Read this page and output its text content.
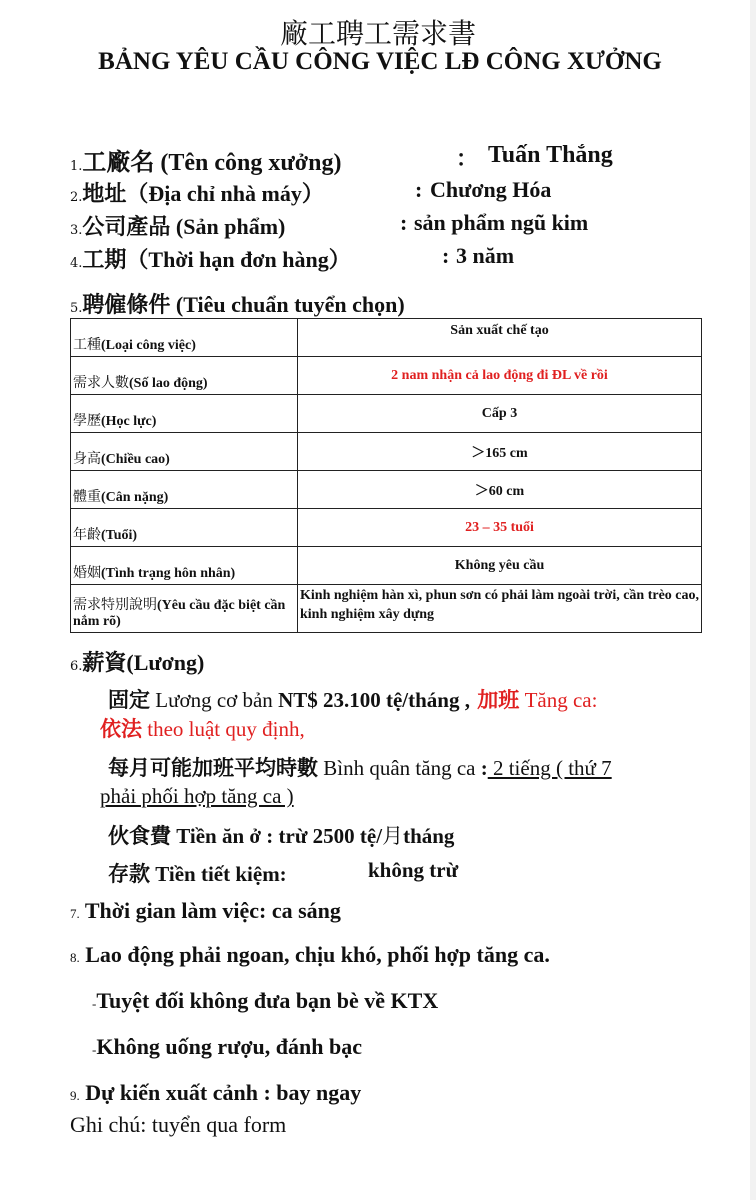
廠工聘工需求書
BẢNG YÊU CẦU CÔNG VIỆC LĐ CÔNG XƯỞNG
1.工廠名 (Tên công xưởng)	： Tuấn Thắng
2.地址（Địa chỉ nhà máy）	: Chương Hóa
3.公司產品 (Sản phẩm)	: sản phẩm ngũ kim
4.工期（Thời hạn đơn hàng）	: 3 năm
5.聘僱條件 (Tiêu chuẩn tuyển chọn)
工種(Loại công việc)	Sản xuất chế tạo
需求人數(Số lao động)	2 nam nhận cả lao động đi ĐL về rồi
學歷(Học lực)	Cấp 3
身高(Chiều cao)	＞165 cm
體重(Cân nặng)	＞60 cm
年齡(Tuổi)	23 – 35 tuổi
婚姻(Tình trạng hôn nhân)	Không yêu cầu
需求特別說明(Yêu cầu đặc biệt cần nắm rõ)	Kinh nghiệm hàn xì, phun sơn có phải làm ngoài trời, cần trèo cao, kinh nghiệm xây dựng
6.薪資(Lương)
固定 Lương cơ bản NT$ 23.100 tệ/tháng , 加班 Tăng ca:
依法 theo luật quy định,
每月可能加班平均時數 Bình quân tăng ca : 2 tiếng ( thứ 7
phải phối hợp tăng ca )
伙食費 Tiền ăn ở : trừ 2500 tệ/月tháng
存款 Tiền tiết kiệm:	không trừ
7. Thời gian làm việc: ca sáng
8. Lao động phải ngoan, chịu khó, phối hợp tăng ca.
-Tuyệt đối không đưa bạn bè về KTX
-Không uống rượu, đánh bạc
9. Dự kiến xuất cảnh : bay ngay
Ghi chú: tuyển qua form
